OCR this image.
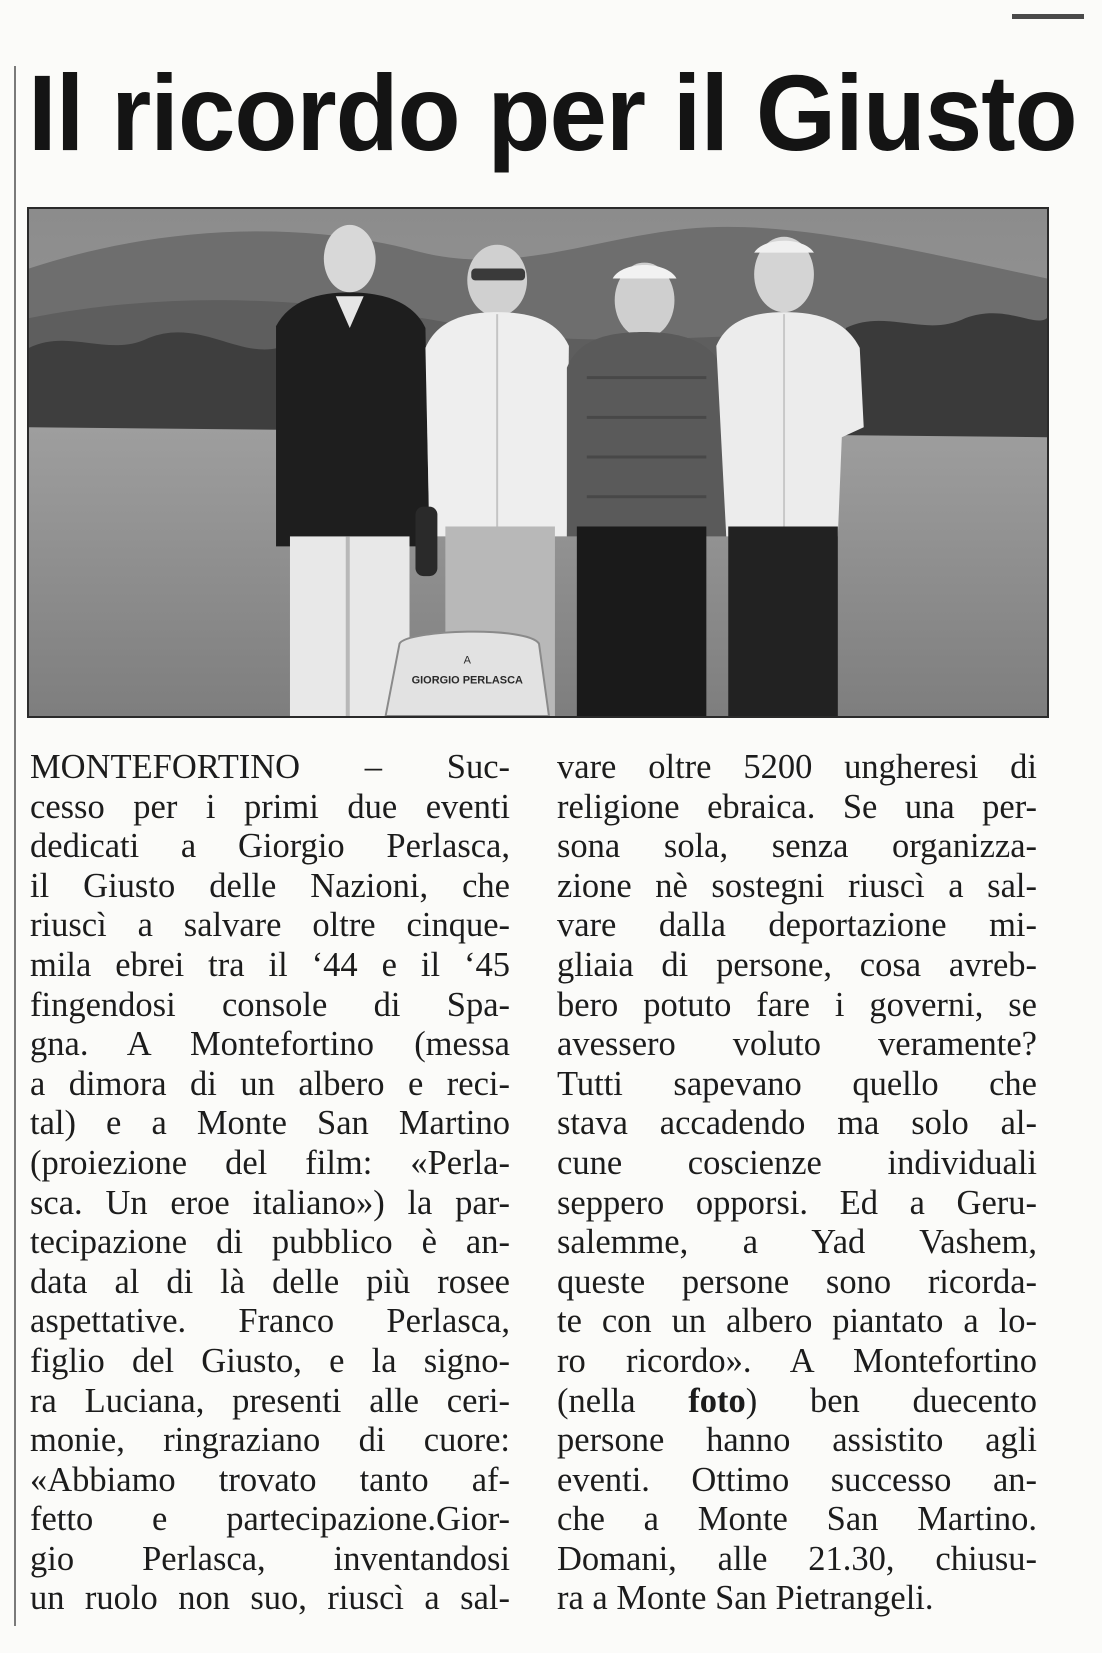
Il ricordo per il Giusto
A
GIORGIO PERLASCA
MONTEFORTINO – Suc-
cesso per i primi due eventi
dedicati a Giorgio Perlasca,
il Giusto delle Nazioni, che
riuscì a salvare oltre cinque-
mila ebrei tra il ‘44 e il ‘45
fingendosi console di Spa-
gna. A Montefortino (messa
a dimora di un albero e reci-
tal) e a Monte San Martino
(proiezione del film: «Perla-
sca. Un eroe italiano») la par-
tecipazione di pubblico è an-
data al di là delle più rosee
aspettative. Franco Perlasca,
figlio del Giusto, e la signo-
ra Luciana, presenti alle ceri-
monie, ringraziano di cuore:
«Abbiamo trovato tanto af-
fetto e partecipazione.Gior-
gio Perlasca, inventandosi
un ruolo non suo, riuscì a sal-
vare oltre 5200 ungheresi di
religione ebraica. Se una per-
sona sola, senza organizza-
zione nè sostegni riuscì a sal-
vare dalla deportazione mi-
gliaia di persone, cosa avreb-
bero potuto fare i governi, se
avessero voluto veramente?
Tutti sapevano quello che
stava accadendo ma solo al-
cune coscienze individuali
seppero opporsi. Ed a Geru-
salemme, a Yad Vashem,
queste persone sono ricorda-
te con un albero piantato a lo-
ro ricordo». A Montefortino
(nella foto) ben duecento
persone hanno assistito agli
eventi. Ottimo successo an-
che a Monte San Martino.
Domani, alle 21.30, chiusu-
ra a Monte San Pietrangeli.
